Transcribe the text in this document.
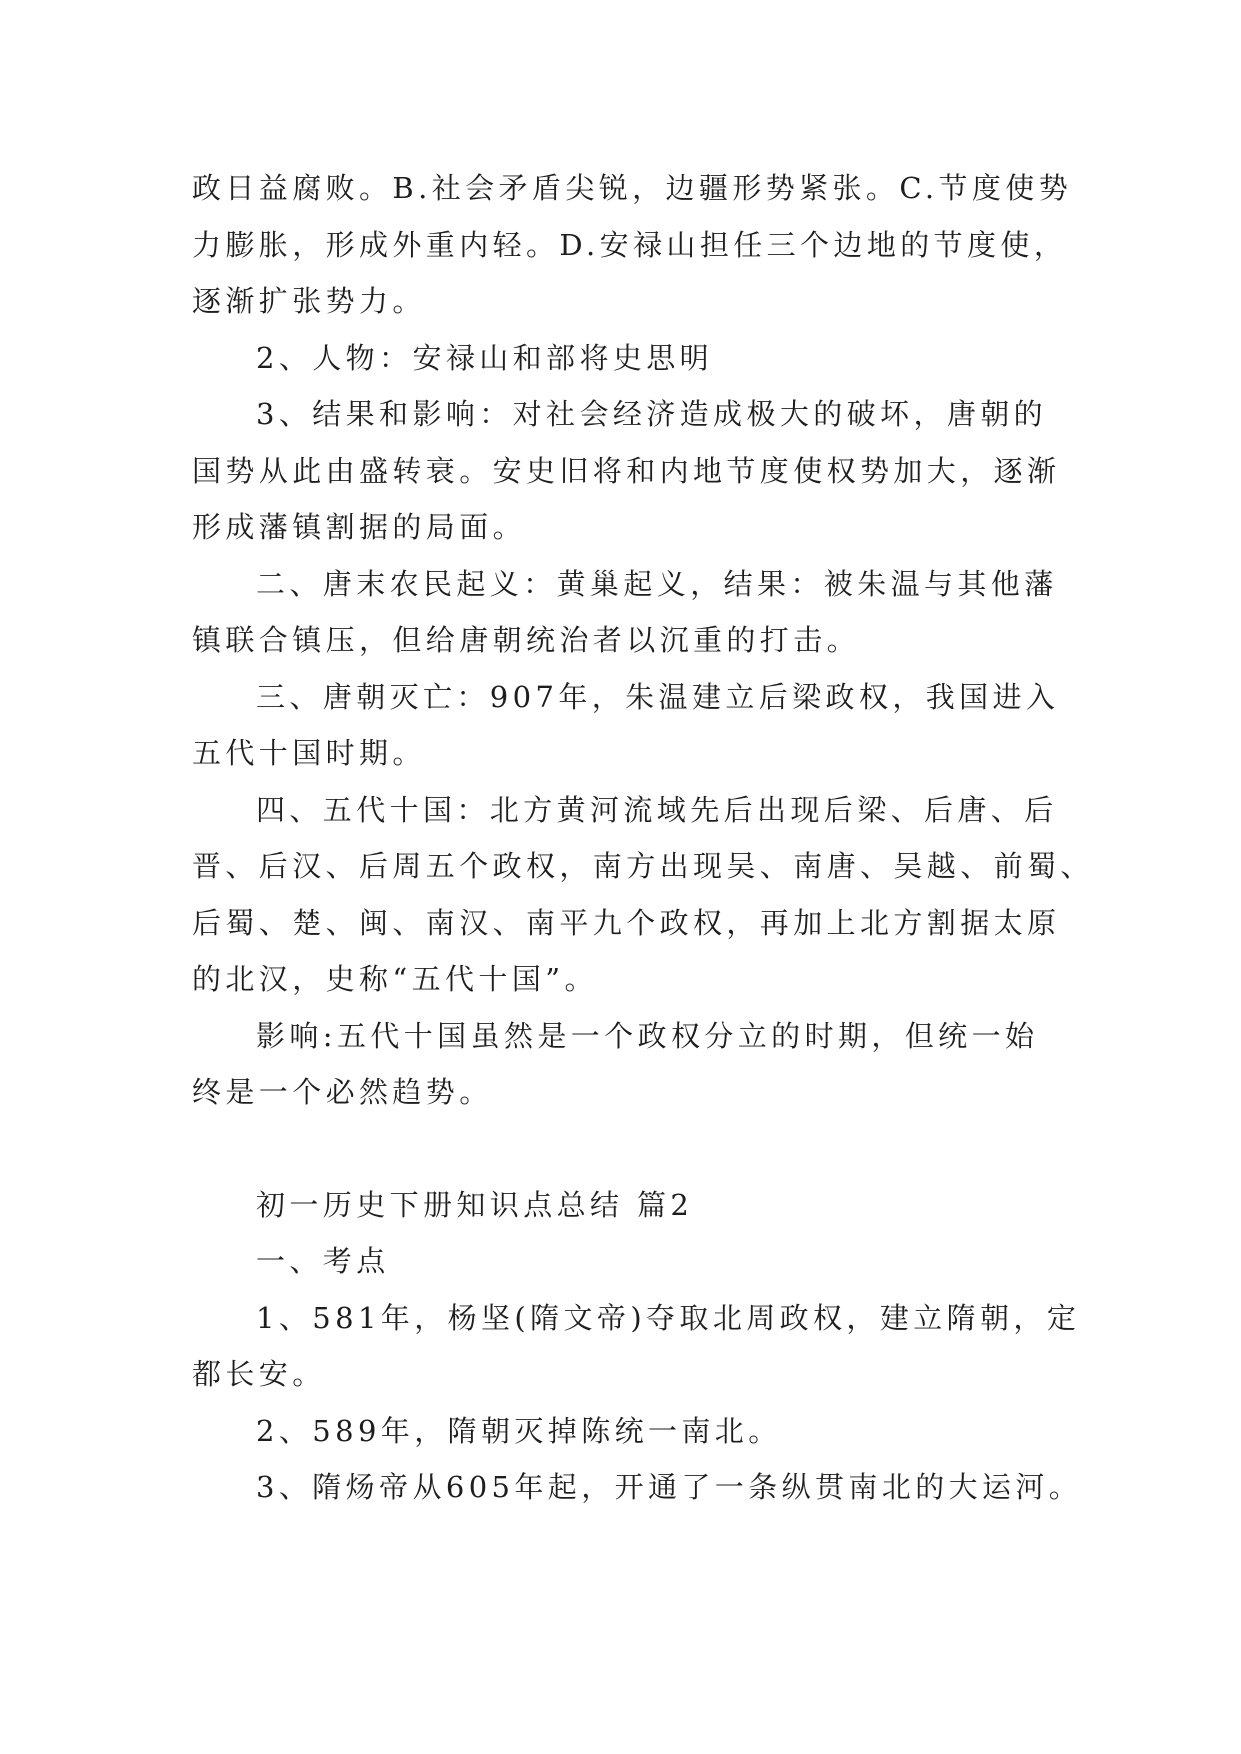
政日益腐败。B.社会矛盾尖锐，边疆形势紧张。C.节度使势

力膨胀，形成外重内轻。D.安禄山担任三个边地的节度使，

逐渐扩张势力。

2、人物：安禄山和部将史思明

3、结果和影响：对社会经济造成极大的破坏，唐朝的

国势从此由盛转衰。安史旧将和内地节度使权势加大，逐渐

形成藩镇割据的局面。

二、唐末农民起义：黄巢起义，结果：被朱温与其他藩

镇联合镇压，但给唐朝统治者以沉重的打击。

三、唐朝灭亡：907年，朱温建立后梁政权，我国进入

五代十国时期。

四、五代十国：北方黄河流域先后出现后梁、后唐、后

晋、后汉、后周五个政权，南方出现吴、南唐、吴越、前蜀、

后蜀、楚、闽、南汉、南平九个政权，再加上北方割据太原

的北汉，史称“五代十国”。

影响:五代十国虽然是一个政权分立的时期，但统一始

终是一个必然趋势。

初一历史下册知识点总结 篇2

一、考点

1、581年，杨坚(隋文帝)夺取北周政权，建立隋朝，定

都长安。

2、589年，隋朝灭掉陈统一南北。

3、隋炀帝从605年起，开通了一条纵贯南北的大运河。
